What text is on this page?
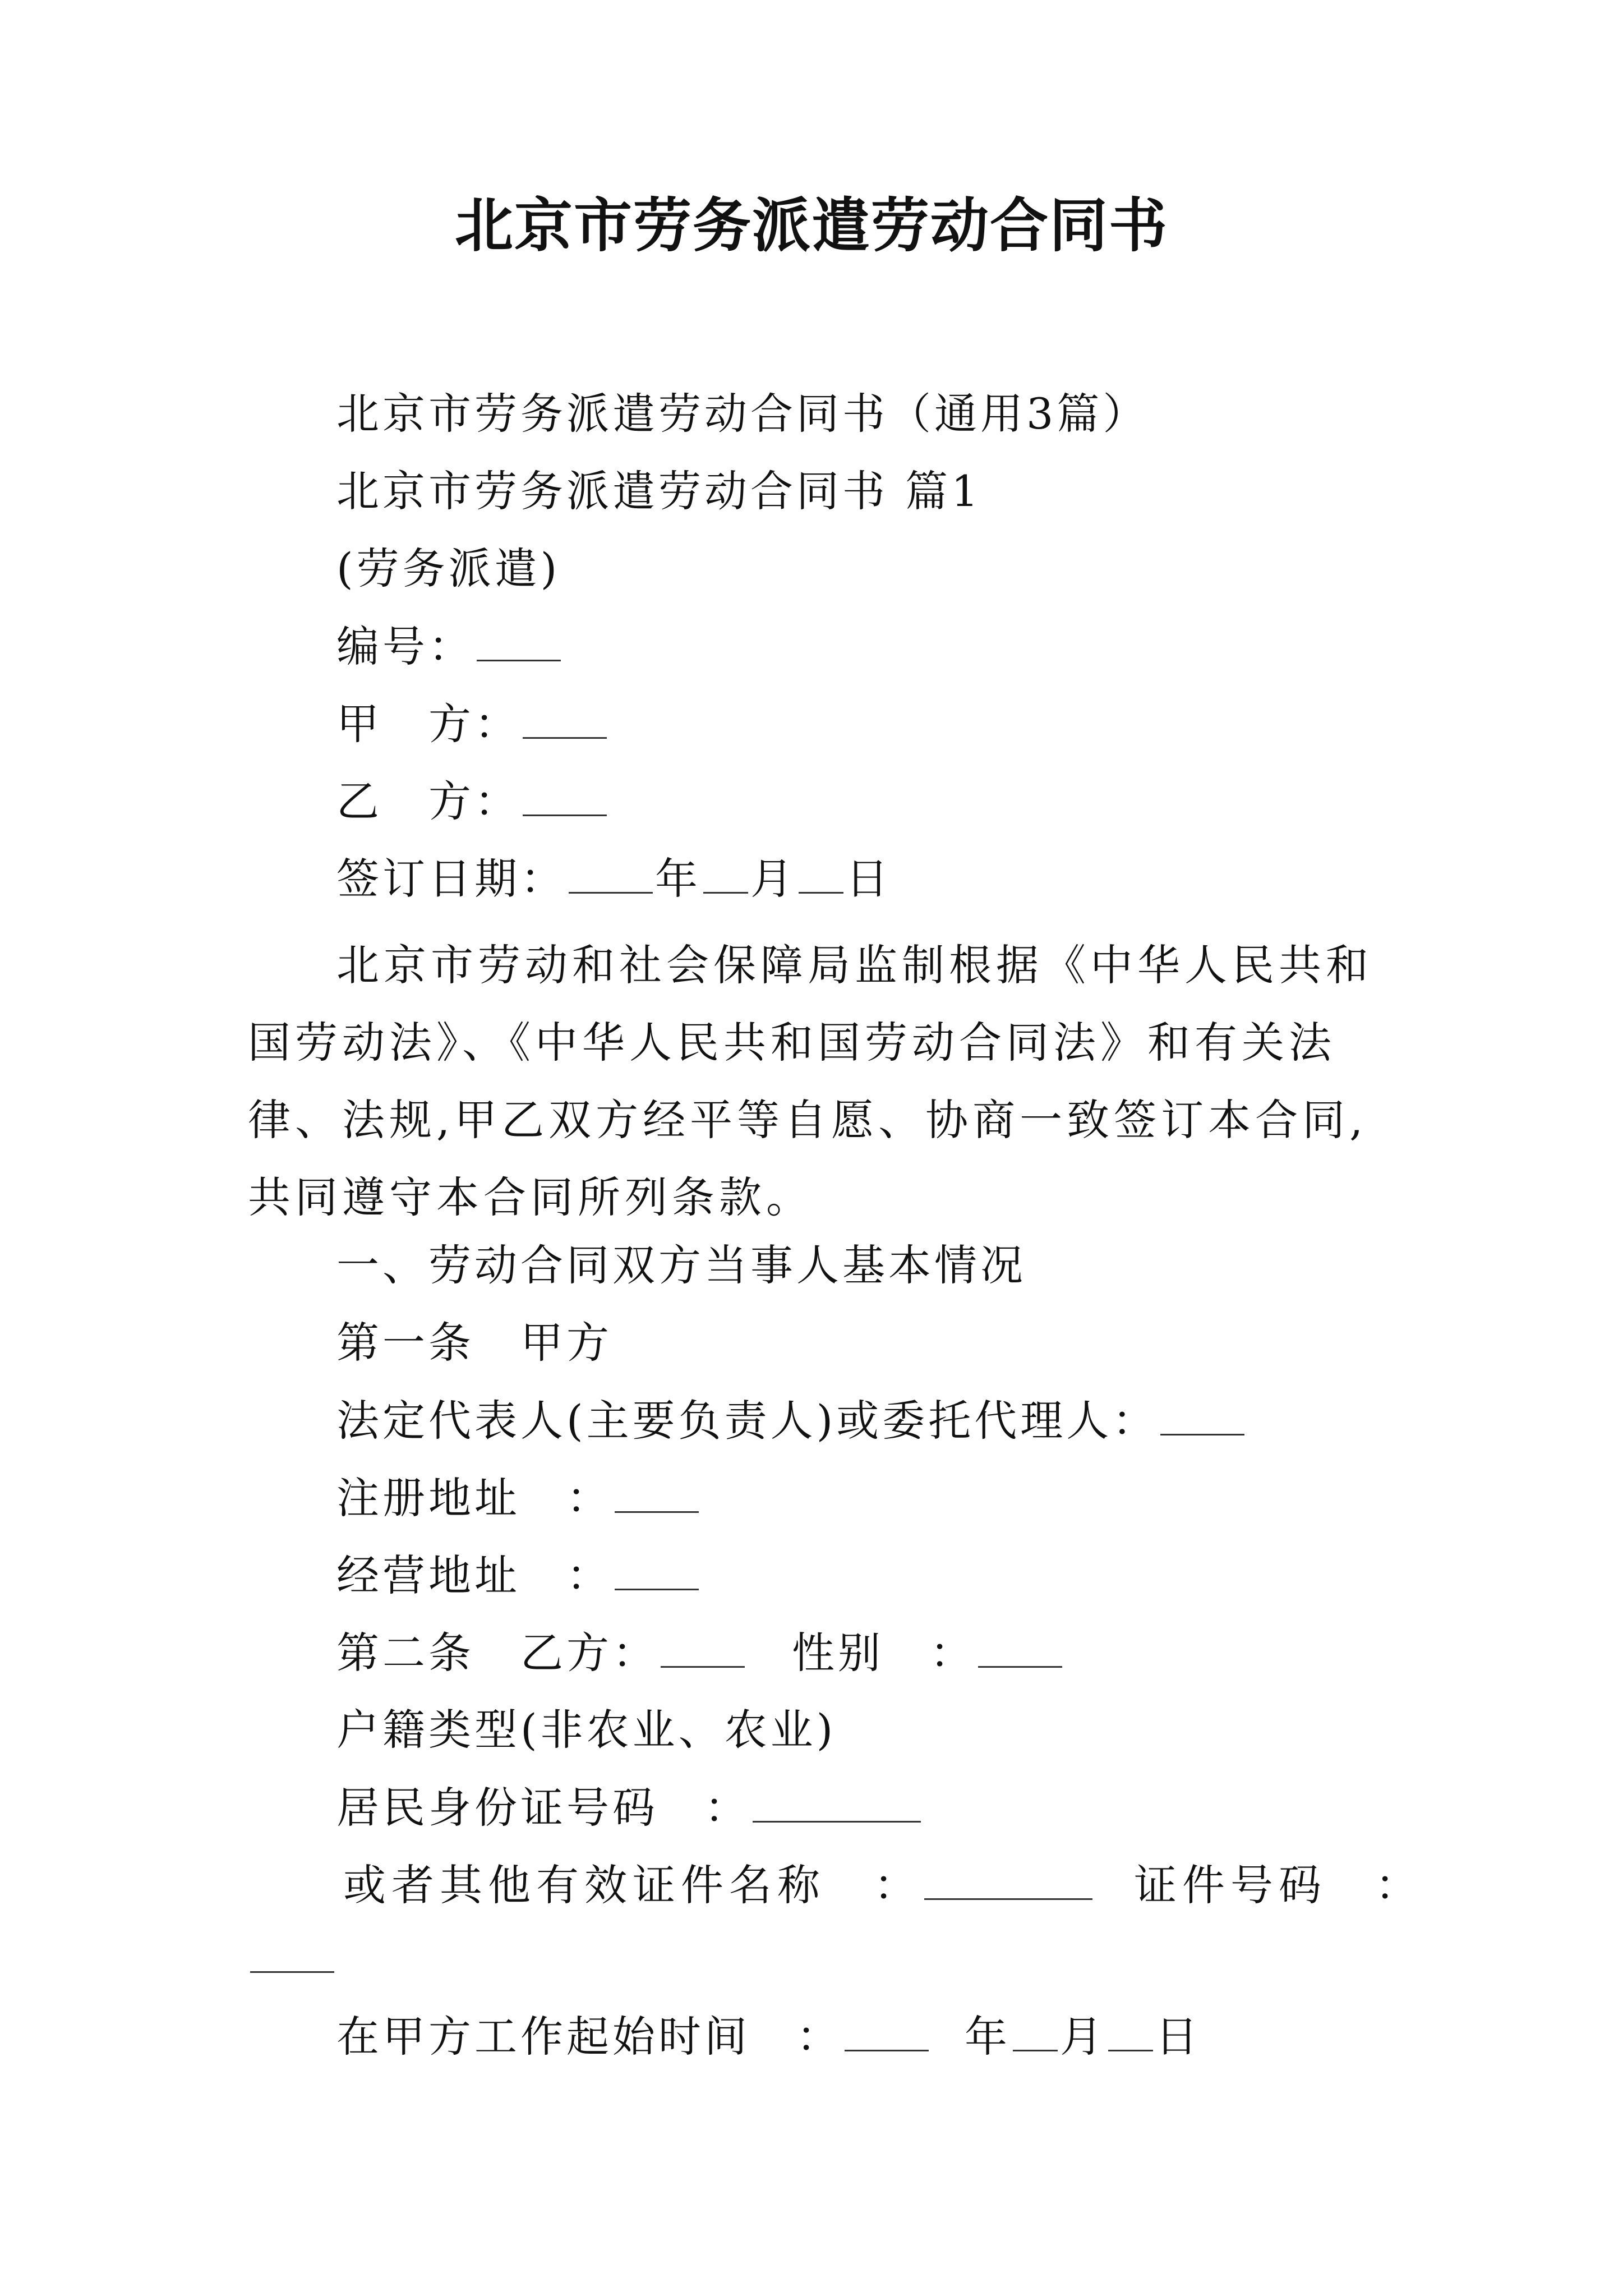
北京市劳务派遣劳动合同书
北京市劳务派遣劳动合同书（通用3篇）
北京市劳务派遣劳动合同书 篇1
(劳务派遣)
编号：
甲　方：
乙　方：
签订日期： 年 月 日

北京市劳动和社会保障局监制根据《中华人民共和国劳动法》、《中华人民共和国劳动合同法》和有关法律、法规,甲乙双方经平等自愿、协商一致签订本合同,共同遵守本合同所列条款。

一、劳动合同双方当事人基本情况
第一条　甲方
法定代表人(主要负责人)或委托代理人：
注册地址　：
经营地址　：
第二条　乙方：	性别　：
户籍类型(非农业、农业)
居民身份证号码　：
或者其他有效证件名称　：	证件号码　：
在甲方工作起始时间　：	年 月 日
